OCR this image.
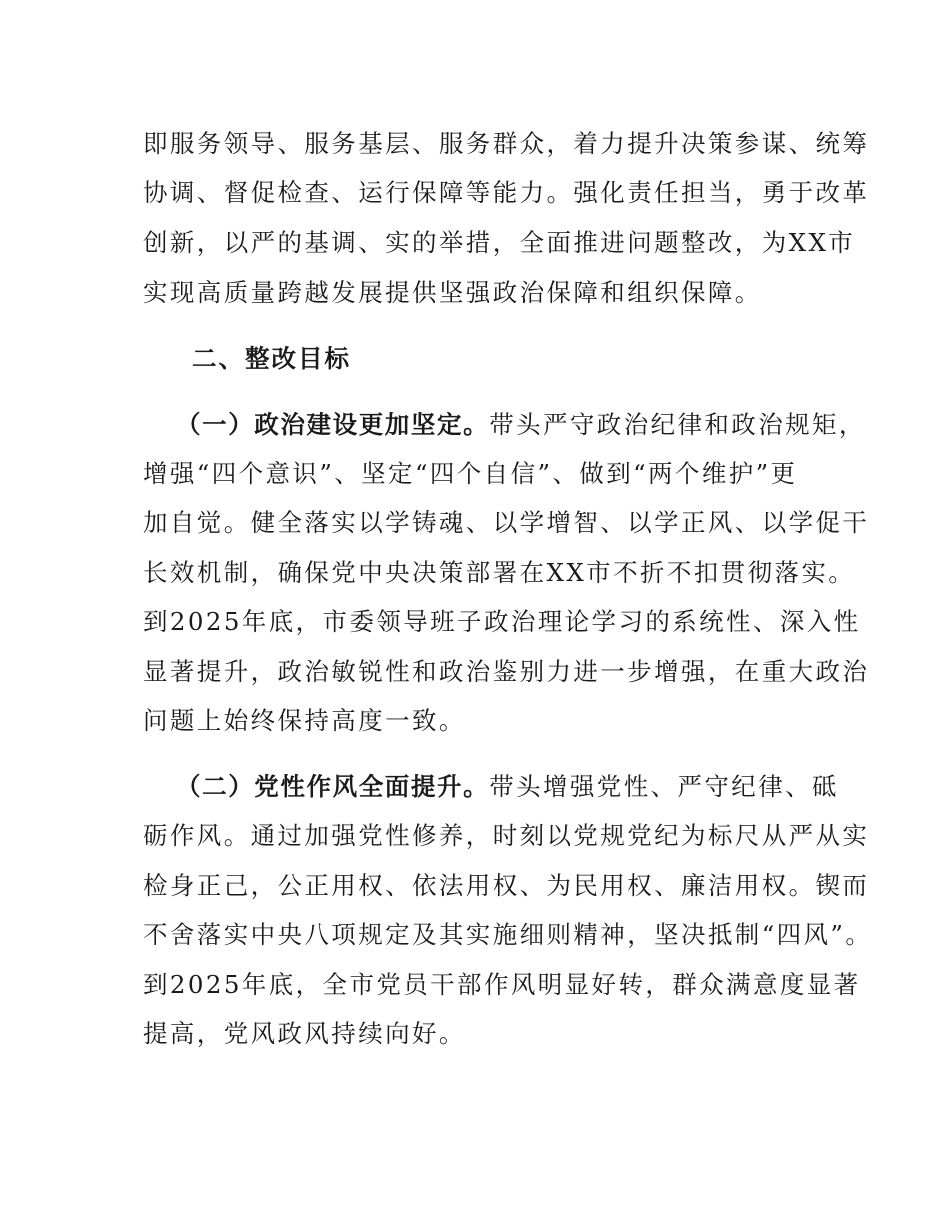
即服务领导、服务基层、服务群众，着力提升决策参谋、统筹
协调、督促检查、运行保障等能力。强化责任担当，勇于改革
创新，以严的基调、实的举措，全面推进问题整改，为XX市
实现高质量跨越发展提供坚强政治保障和组织保障。
二、整改目标
（一）政治建设更加坚定。带头严守政治纪律和政治规矩，
增强“四个意识”、坚定“四个自信”、做到“两个维护”更
加自觉。健全落实以学铸魂、以学增智、以学正风、以学促干
长效机制，确保党中央决策部署在XX市不折不扣贯彻落实。
到2025年底，市委领导班子政治理论学习的系统性、深入性
显著提升，政治敏锐性和政治鉴别力进一步增强，在重大政治
问题上始终保持高度一致。
（二）党性作风全面提升。带头增强党性、严守纪律、砥
砺作风。通过加强党性修养，时刻以党规党纪为标尺从严从实
检身正己，公正用权、依法用权、为民用权、廉洁用权。锲而
不舍落实中央八项规定及其实施细则精神，坚决抵制“四风”。
到2025年底，全市党员干部作风明显好转，群众满意度显著
提高，党风政风持续向好。
